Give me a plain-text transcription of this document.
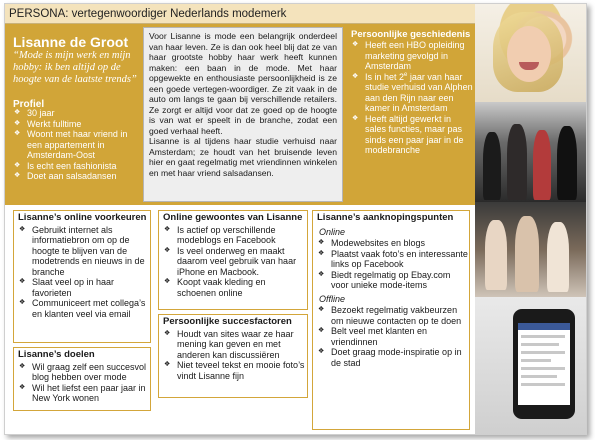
PERSONA: vertegenwoordiger Nederlands modemerk
Lisanne de Groot
“Mode is mijn werk en mijn hobby: ik ben altijd op de hoogte van de laatste trends”
Profiel
❖ 30 jaar
❖ Werkt fulltime
❖ Woont met haar vriend in een appartement in Amsterdam-Oost
❖ Is echt een fashionista
❖ Doet aan salsadansen

Voor Lisanne is mode een belangrijk onderdeel van haar leven. Ze is dan ook heel blij dat ze van haar grootste hobby haar werk heeft kunnen maken: een baan in de mode. Met haar opgewekte en enthousiaste persoonlijkheid is ze een goede vertegen-woordiger. Ze zit vaak in de auto om langs te gaan bij verschillende retailers. Ze zorgt er altijd voor dat ze goed op de hoogte is van wat er speelt in de branche, zodat een goed verhaal heeft.

Lisanne is al tijdens haar studie verhuisd naar Amsterdam; ze houdt van het bruisende leven hier en gaat regelmatig met vriendinnen winkelen en met haar vriend salsadansen.

Persoonlijke geschiedenis
❖ Heeft een HBO opleiding marketing gevolgd in Amsterdam
❖ Is in het 2e jaar van haar studie verhuisd van Alphen aan den Rijn naar een kamer in Amsterdam
❖ Heeft altijd gewerkt in sales functies, maar pas sinds een paar jaar in de modebranche
Lisanne’s online voorkeuren
❖ Gebruikt internet als informatiebron om op de hoogte te blijven van de modetrends en nieuws in de branche
❖ Slaat veel op in haar favorieten
❖ Communiceert met collega’s en klanten veel via email
Lisanne’s doelen
❖ Wil graag zelf een succesvol blog hebben over mode
❖ Wil het liefst een paar jaar in New York wonen
Online gewoontes van Lisanne
❖ Is actief op verschillende modeblogs en Facebook
❖ Is veel onderweg en maakt daarom veel gebruik van haar iPhone en Macbook.
❖ Koopt vaak kleding en schoenen online
Persoonlijke succesfactoren
❖ Houdt van sites waar ze haar mening kan geven en met anderen kan discussiëren
❖ Niet teveel tekst en mooie foto’s vindt Lisanne fijn
Lisanne’s aanknopingspunten
Online
❖ Modewebsites en blogs
❖ Plaatst vaak foto’s en interessante links op Facebook
❖ Biedt regelmatig op Ebay.com voor unieke mode-items
Offline
❖ Bezoekt regelmatig vakbeurzen om nieuwe contacten op te doen
❖ Belt veel met klanten en vriendinnen
❖ Doet graag mode-inspiratie op in de stad
